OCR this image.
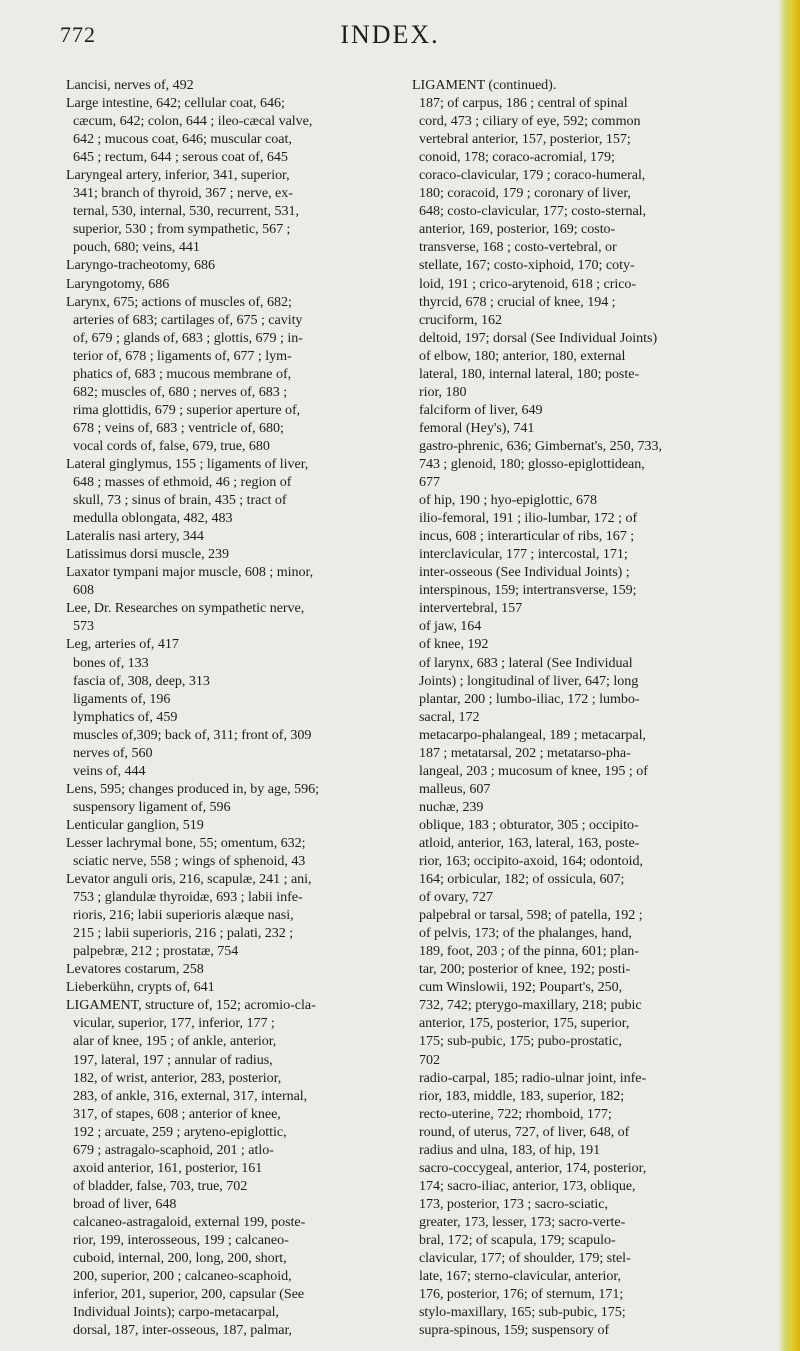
772	INDEX.
Lancisi, nerves of, 492
Large intestine, 642; cellular coat, 646;
cæcum, 642; colon, 644 ; ileo-cæcal valve,
642 ; mucous coat, 646; muscular coat,
645 ; rectum, 644 ; serous coat of, 645
Laryngeal artery, inferior, 341, superior,
341; branch of thyroid, 367 ; nerve, ex-
ternal, 530, internal, 530, recurrent, 531,
superior, 530 ; from sympathetic, 567 ;
pouch, 680; veins, 441
Laryngo-tracheotomy, 686
Laryngotomy, 686
Larynx, 675; actions of muscles of, 682;
arteries of 683; cartilages of, 675 ; cavity
of, 679 ; glands of, 683 ; glottis, 679 ; in-
terior of, 678 ; ligaments of, 677 ; lym-
phatics of, 683 ; mucous membrane of,
682; muscles of, 680 ; nerves of, 683 ;
rima glottidis, 679 ; superior aperture of,
678 ; veins of, 683 ; ventricle of, 680;
vocal cords of, false, 679, true, 680
Lateral ginglymus, 155 ; ligaments of liver,
648 ; masses of ethmoid, 46 ; region of
skull, 73 ; sinus of brain, 435 ; tract of
medulla oblongata, 482, 483
Lateralis nasi artery, 344
Latissimus dorsi muscle, 239
Laxator tympani major muscle, 608 ; minor,
608
Lee, Dr. Researches on sympathetic nerve,
573
Leg, arteries of, 417
bones of, 133
fascia of, 308, deep, 313
ligaments of, 196
lymphatics of, 459
muscles of,309; back of, 311; front of, 309
nerves of, 560
veins of, 444
Lens, 595; changes produced in, by age, 596;
suspensory ligament of, 596
Lenticular ganglion, 519
Lesser lachrymal bone, 55; omentum, 632;
sciatic nerve, 558 ; wings of sphenoid, 43
Levator anguli oris, 216, scapulæ, 241 ; ani,
753 ; glandulæ thyroidæ, 693 ; labii infe-
rioris, 216; labii superioris alæque nasi,
215 ; labii superioris, 216 ; palati, 232 ;
palpebræ, 212 ; prostatæ, 754
Levatores costarum, 258
Lieberkühn, crypts of, 641
LIGAMENT, structure of, 152; acromio-cla-
vicular, superior, 177, inferior, 177 ;
alar of knee, 195 ; of ankle, anterior,
197, lateral, 197 ; annular of radius,
182, of wrist, anterior, 283, posterior,
283, of ankle, 316, external, 317, internal,
317, of stapes, 608 ; anterior of knee,
192 ; arcuate, 259 ; aryteno-epiglottic,
679 ; astragalo-scaphoid, 201 ; atlo-
axoid anterior, 161, posterior, 161
of bladder, false, 703, true, 702
broad of liver, 648
calcaneo-astragaloid, external 199, poste-
rior, 199, interosseous, 199 ; calcaneo-
cuboid, internal, 200, long, 200, short,
200, superior, 200 ; calcaneo-scaphoid,
inferior, 201, superior, 200, capsular (See
Individual Joints); carpo-metacarpal,
dorsal, 187, inter-osseous, 187, palmar,
LIGAMENT (continued).
187; of carpus, 186 ; central of spinal
cord, 473 ; ciliary of eye, 592; common
vertebral anterior, 157, posterior, 157;
conoid, 178; coraco-acromial, 179;
coraco-clavicular, 179 ; coraco-humeral,
180; coracoid, 179 ; coronary of liver,
648; costo-clavicular, 177; costo-sternal,
anterior, 169, posterior, 169; costo-
transverse, 168 ; costo-vertebral, or
stellate, 167; costo-xiphoid, 170; coty-
loid, 191 ; crico-arytenoid, 618 ; crico-
thyrcid, 678 ; crucial of knee, 194 ;
cruciform, 162
deltoid, 197; dorsal (See Individual Joints)
of elbow, 180; anterior, 180, external
lateral, 180, internal lateral, 180; poste-
rior, 180
falciform of liver, 649
femoral (Hey's), 741
gastro-phrenic, 636; Gimbernat's, 250, 733,
743 ; glenoid, 180; glosso-epiglottidean,
677
of hip, 190 ; hyo-epiglottic, 678
ilio-femoral, 191 ; ilio-lumbar, 172 ; of
incus, 608 ; interarticular of ribs, 167 ;
interclavicular, 177 ; intercostal, 171;
inter-osseous (See Individual Joints) ;
interspinous, 159; intertransverse, 159;
intervertebral, 157
of jaw, 164
of knee, 192
of larynx, 683 ; lateral (See Individual
Joints) ; longitudinal of liver, 647; long
plantar, 200 ; lumbo-iliac, 172 ; lumbo-
sacral, 172
metacarpo-phalangeal, 189 ; metacarpal,
187 ; metatarsal, 202 ; metatarso-pha-
langeal, 203 ; mucosum of knee, 195 ; of
malleus, 607
nuchæ, 239
oblique, 183 ; obturator, 305 ; occipito-
atloid, anterior, 163, lateral, 163, poste-
rior, 163; occipito-axoid, 164; odontoid,
164; orbicular, 182; of ossicula, 607;
of ovary, 727
palpebral or tarsal, 598; of patella, 192 ;
of pelvis, 173; of the phalanges, hand,
189, foot, 203 ; of the pinna, 601; plan-
tar, 200; posterior of knee, 192; posti-
cum Winslowii, 192; Poupart's, 250,
732, 742; pterygo-maxillary, 218; pubic
anterior, 175, posterior, 175, superior,
175; sub-pubic, 175; pubo-prostatic,
702
radio-carpal, 185; radio-ulnar joint, infe-
rior, 183, middle, 183, superior, 182;
recto-uterine, 722; rhomboid, 177;
round, of uterus, 727, of liver, 648, of
radius and ulna, 183, of hip, 191
sacro-coccygeal, anterior, 174, posterior,
174; sacro-iliac, anterior, 173, oblique,
173, posterior, 173 ; sacro-sciatic,
greater, 173, lesser, 173; sacro-verte-
bral, 172; of scapula, 179; scapulo-
clavicular, 177; of shoulder, 179; stel-
late, 167; sterno-clavicular, anterior,
176, posterior, 176; of sternum, 171;
stylo-maxillary, 165; sub-pubic, 175;
supra-spinous, 159; suspensory of
